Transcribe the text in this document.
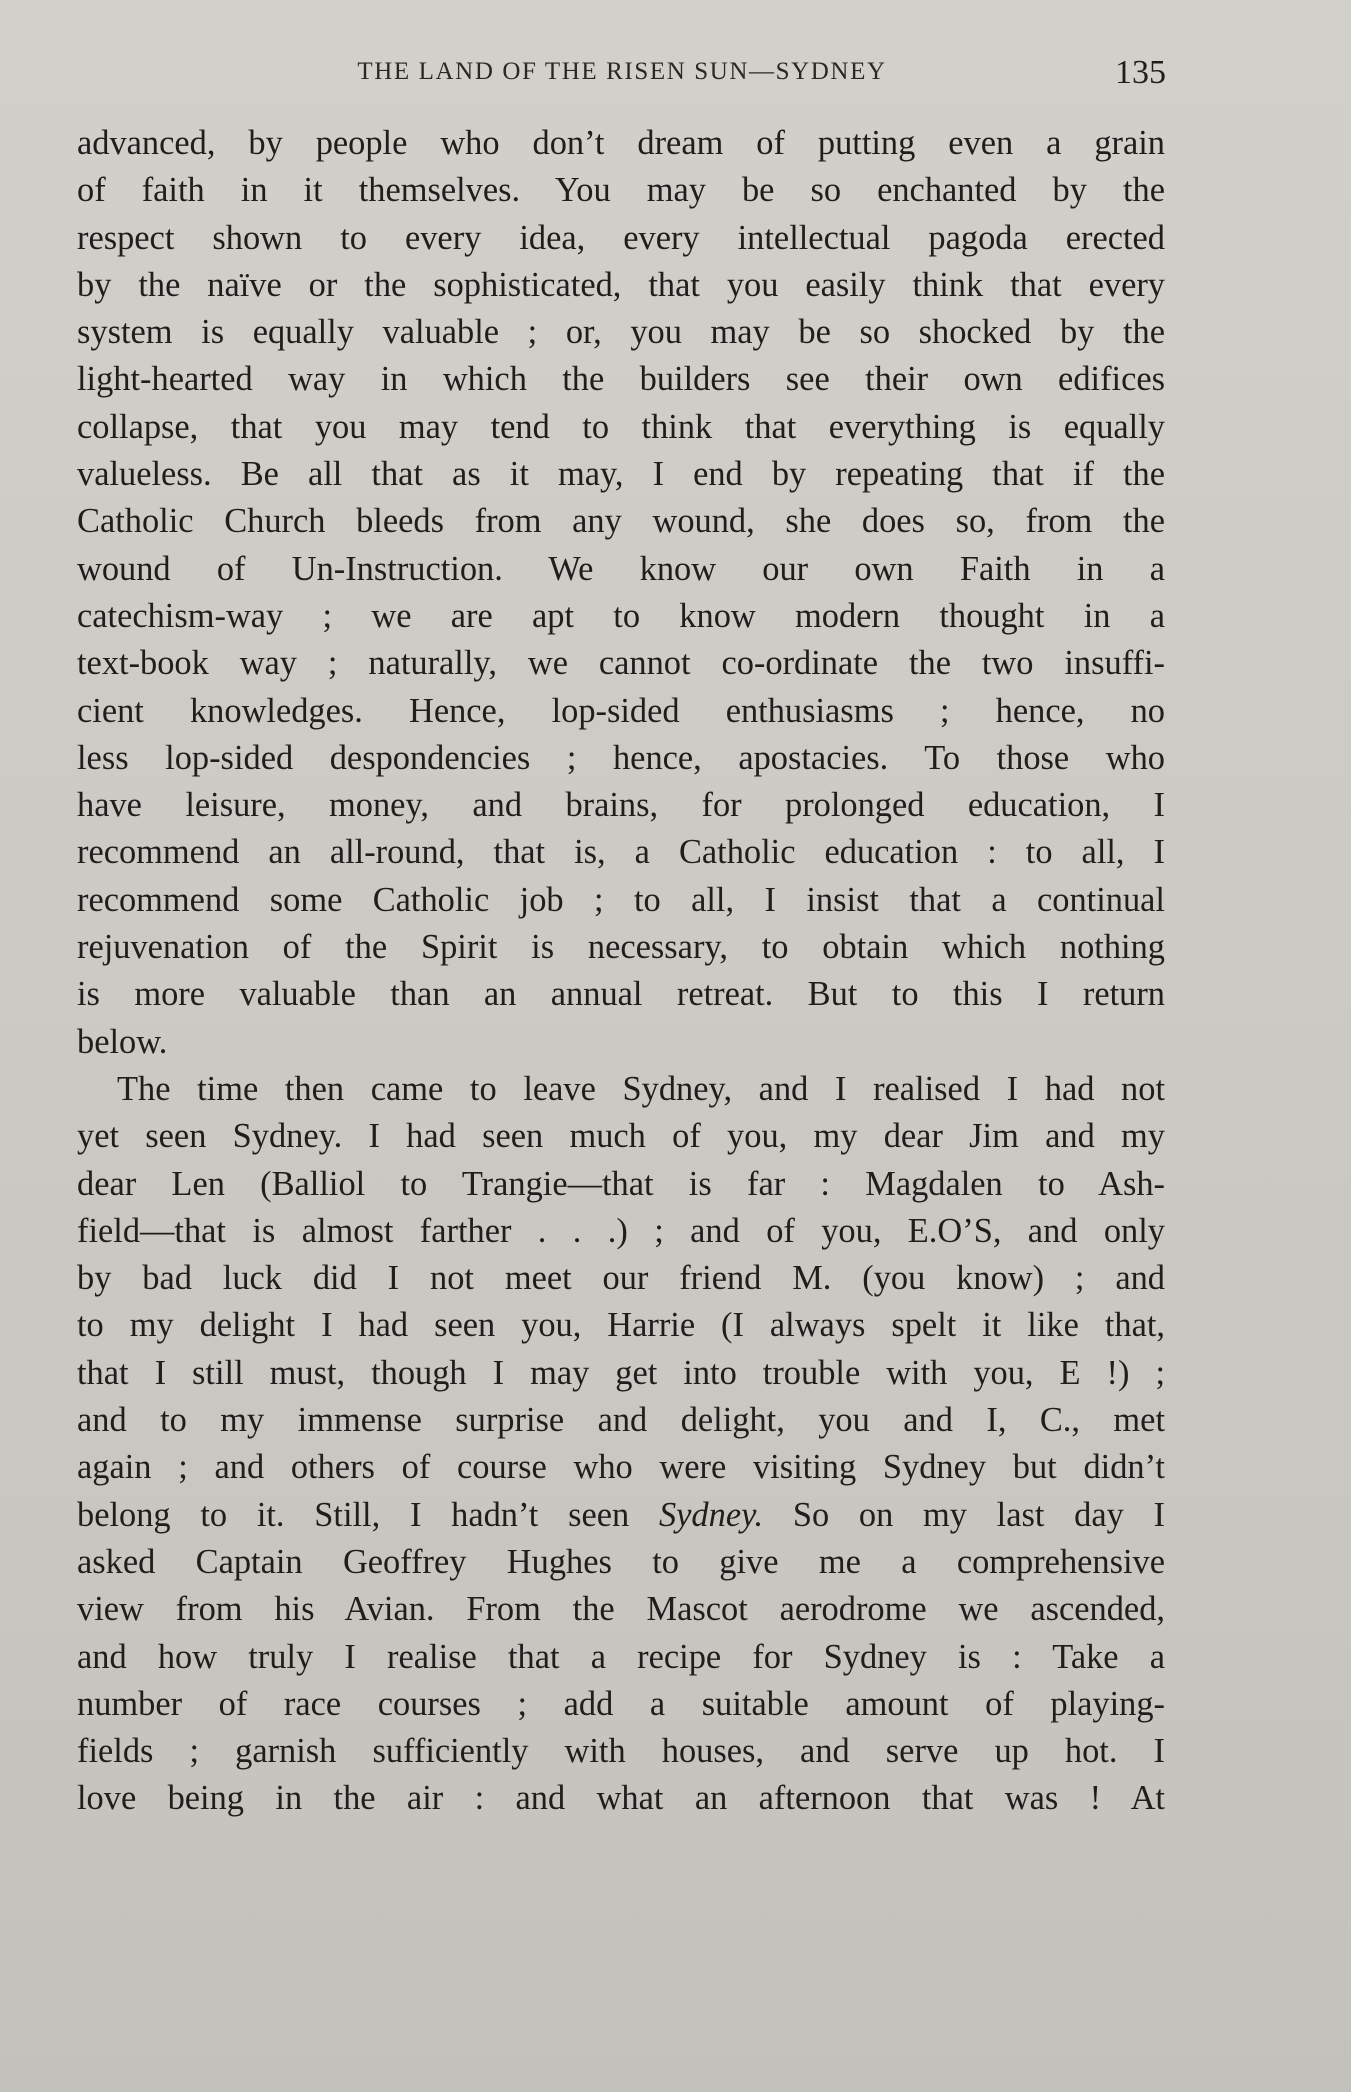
THE LAND OF THE RISEN SUN—SYDNEY	135
advanced, by people who don’t dream of putting even a grain
of faith in it themselves. You may be so enchanted by the
respect shown to every idea, every intellectual pagoda erected
by the naïve or the sophisticated, that you easily think that every
system is equally valuable ; or, you may be so shocked by the
light-hearted way in which the builders see their own edifices
collapse, that you may tend to think that everything is equally
valueless. Be all that as it may, I end by repeating that if the
Catholic Church bleeds from any wound, she does so, from the
wound of Un-Instruction. We know our own Faith in a
catechism-way ; we are apt to know modern thought in a
text-book way ; naturally, we cannot co-ordinate the two insuffi-
cient knowledges. Hence, lop-sided enthusiasms ; hence, no
less lop-sided despondencies ; hence, apostacies. To those who
have leisure, money, and brains, for prolonged education, I
recommend an all-round, that is, a Catholic education : to all, I
recommend some Catholic job ; to all, I insist that a continual
rejuvenation of the Spirit is necessary, to obtain which nothing
is more valuable than an annual retreat. But to this I return
below.
The time then came to leave Sydney, and I realised I had not
yet seen Sydney. I had seen much of you, my dear Jim and my
dear Len (Balliol to Trangie—that is far : Magdalen to Ash-
field—that is almost farther . . .) ; and of you, E.O’S, and only
by bad luck did I not meet our friend M. (you know) ; and
to my delight I had seen you, Harrie (I always spelt it like that,
that I still must, though I may get into trouble with you, E !) ;
and to my immense surprise and delight, you and I, C., met
again ; and others of course who were visiting Sydney but didn’t
belong to it. Still, I hadn’t seen Sydney. So on my last day I
asked Captain Geoffrey Hughes to give me a comprehensive
view from his Avian. From the Mascot aerodrome we ascended,
and how truly I realise that a recipe for Sydney is : Take a
number of race courses ; add a suitable amount of playing-
fields ; garnish sufficiently with houses, and serve up hot. I
love being in the air : and what an afternoon that was ! At
